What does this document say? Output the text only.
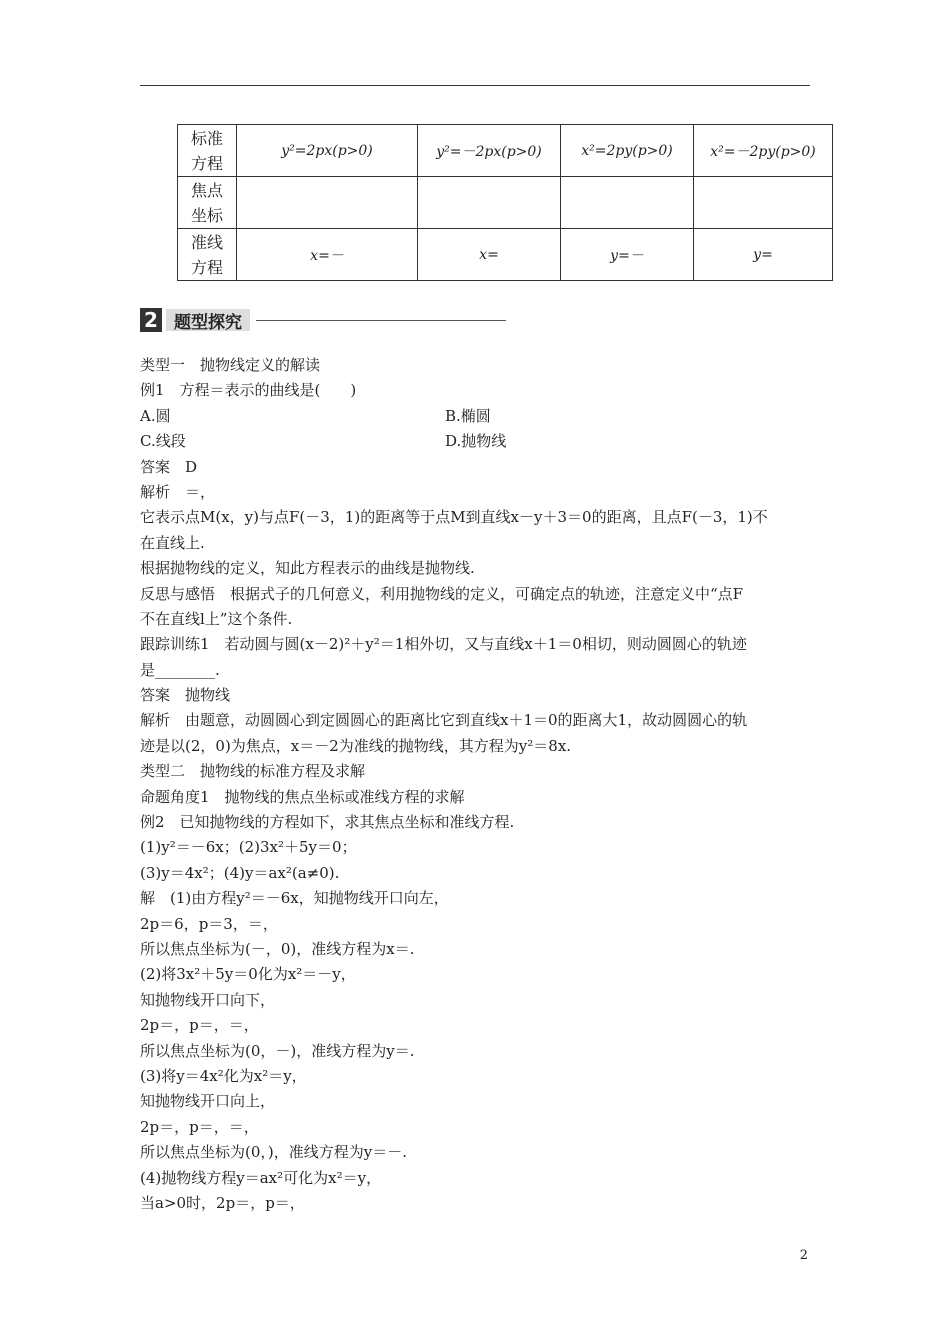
标准
方程	y²=2px(p>0)	y²=－2px(p>0)	x²=2py(p>0)	x²=－2py(p>0)
焦点
坐标				
准线
方程	x=－	x=	y=－	y=
2 题型探究
类型一　抛物线定义的解读
例1　方程＝表示的曲线是(　　)
A.圆	B.椭圆
C.线段	D.抛物线
答案　D
解析　＝，
它表示点M(x，y)与点F(－3，1)的距离等于点M到直线x－y＋3＝0的距离，且点F(－3，1)不
在直线上.
根据抛物线的定义，知此方程表示的曲线是抛物线.
反思与感悟　根据式子的几何意义，利用抛物线的定义，可确定点的轨迹，注意定义中“点F
不在直线l上”这个条件.
跟踪训练1　若动圆与圆(x－2)²＋y²＝1相外切，又与直线x＋1＝0相切，则动圆圆心的轨迹
是________.
答案　抛物线
解析　由题意，动圆圆心到定圆圆心的距离比它到直线x＋1＝0的距离大1，故动圆圆心的轨
迹是以(2，0)为焦点，x＝－2为准线的抛物线，其方程为y²＝8x.
类型二　抛物线的标准方程及求解
命题角度1　抛物线的焦点坐标或准线方程的求解
例2　已知抛物线的方程如下，求其焦点坐标和准线方程.
(1)y²＝－6x；(2)3x²＋5y＝0；
(3)y＝4x²；(4)y＝ax²(a≠0).
解　(1)由方程y²＝－6x，知抛物线开口向左，
2p＝6，p＝3，＝，
所以焦点坐标为(－，0)，准线方程为x＝.
(2)将3x²＋5y＝0化为x²＝－y，
知抛物线开口向下，
2p＝，p＝，＝，
所以焦点坐标为(0，－)，准线方程为y＝.
(3)将y＝4x²化为x²＝y，
知抛物线开口向上，
2p＝，p＝，＝，
所以焦点坐标为(0，)，准线方程为y＝－.
(4)抛物线方程y＝ax²可化为x²＝y，
当a>0时，2p＝，p＝，
2
